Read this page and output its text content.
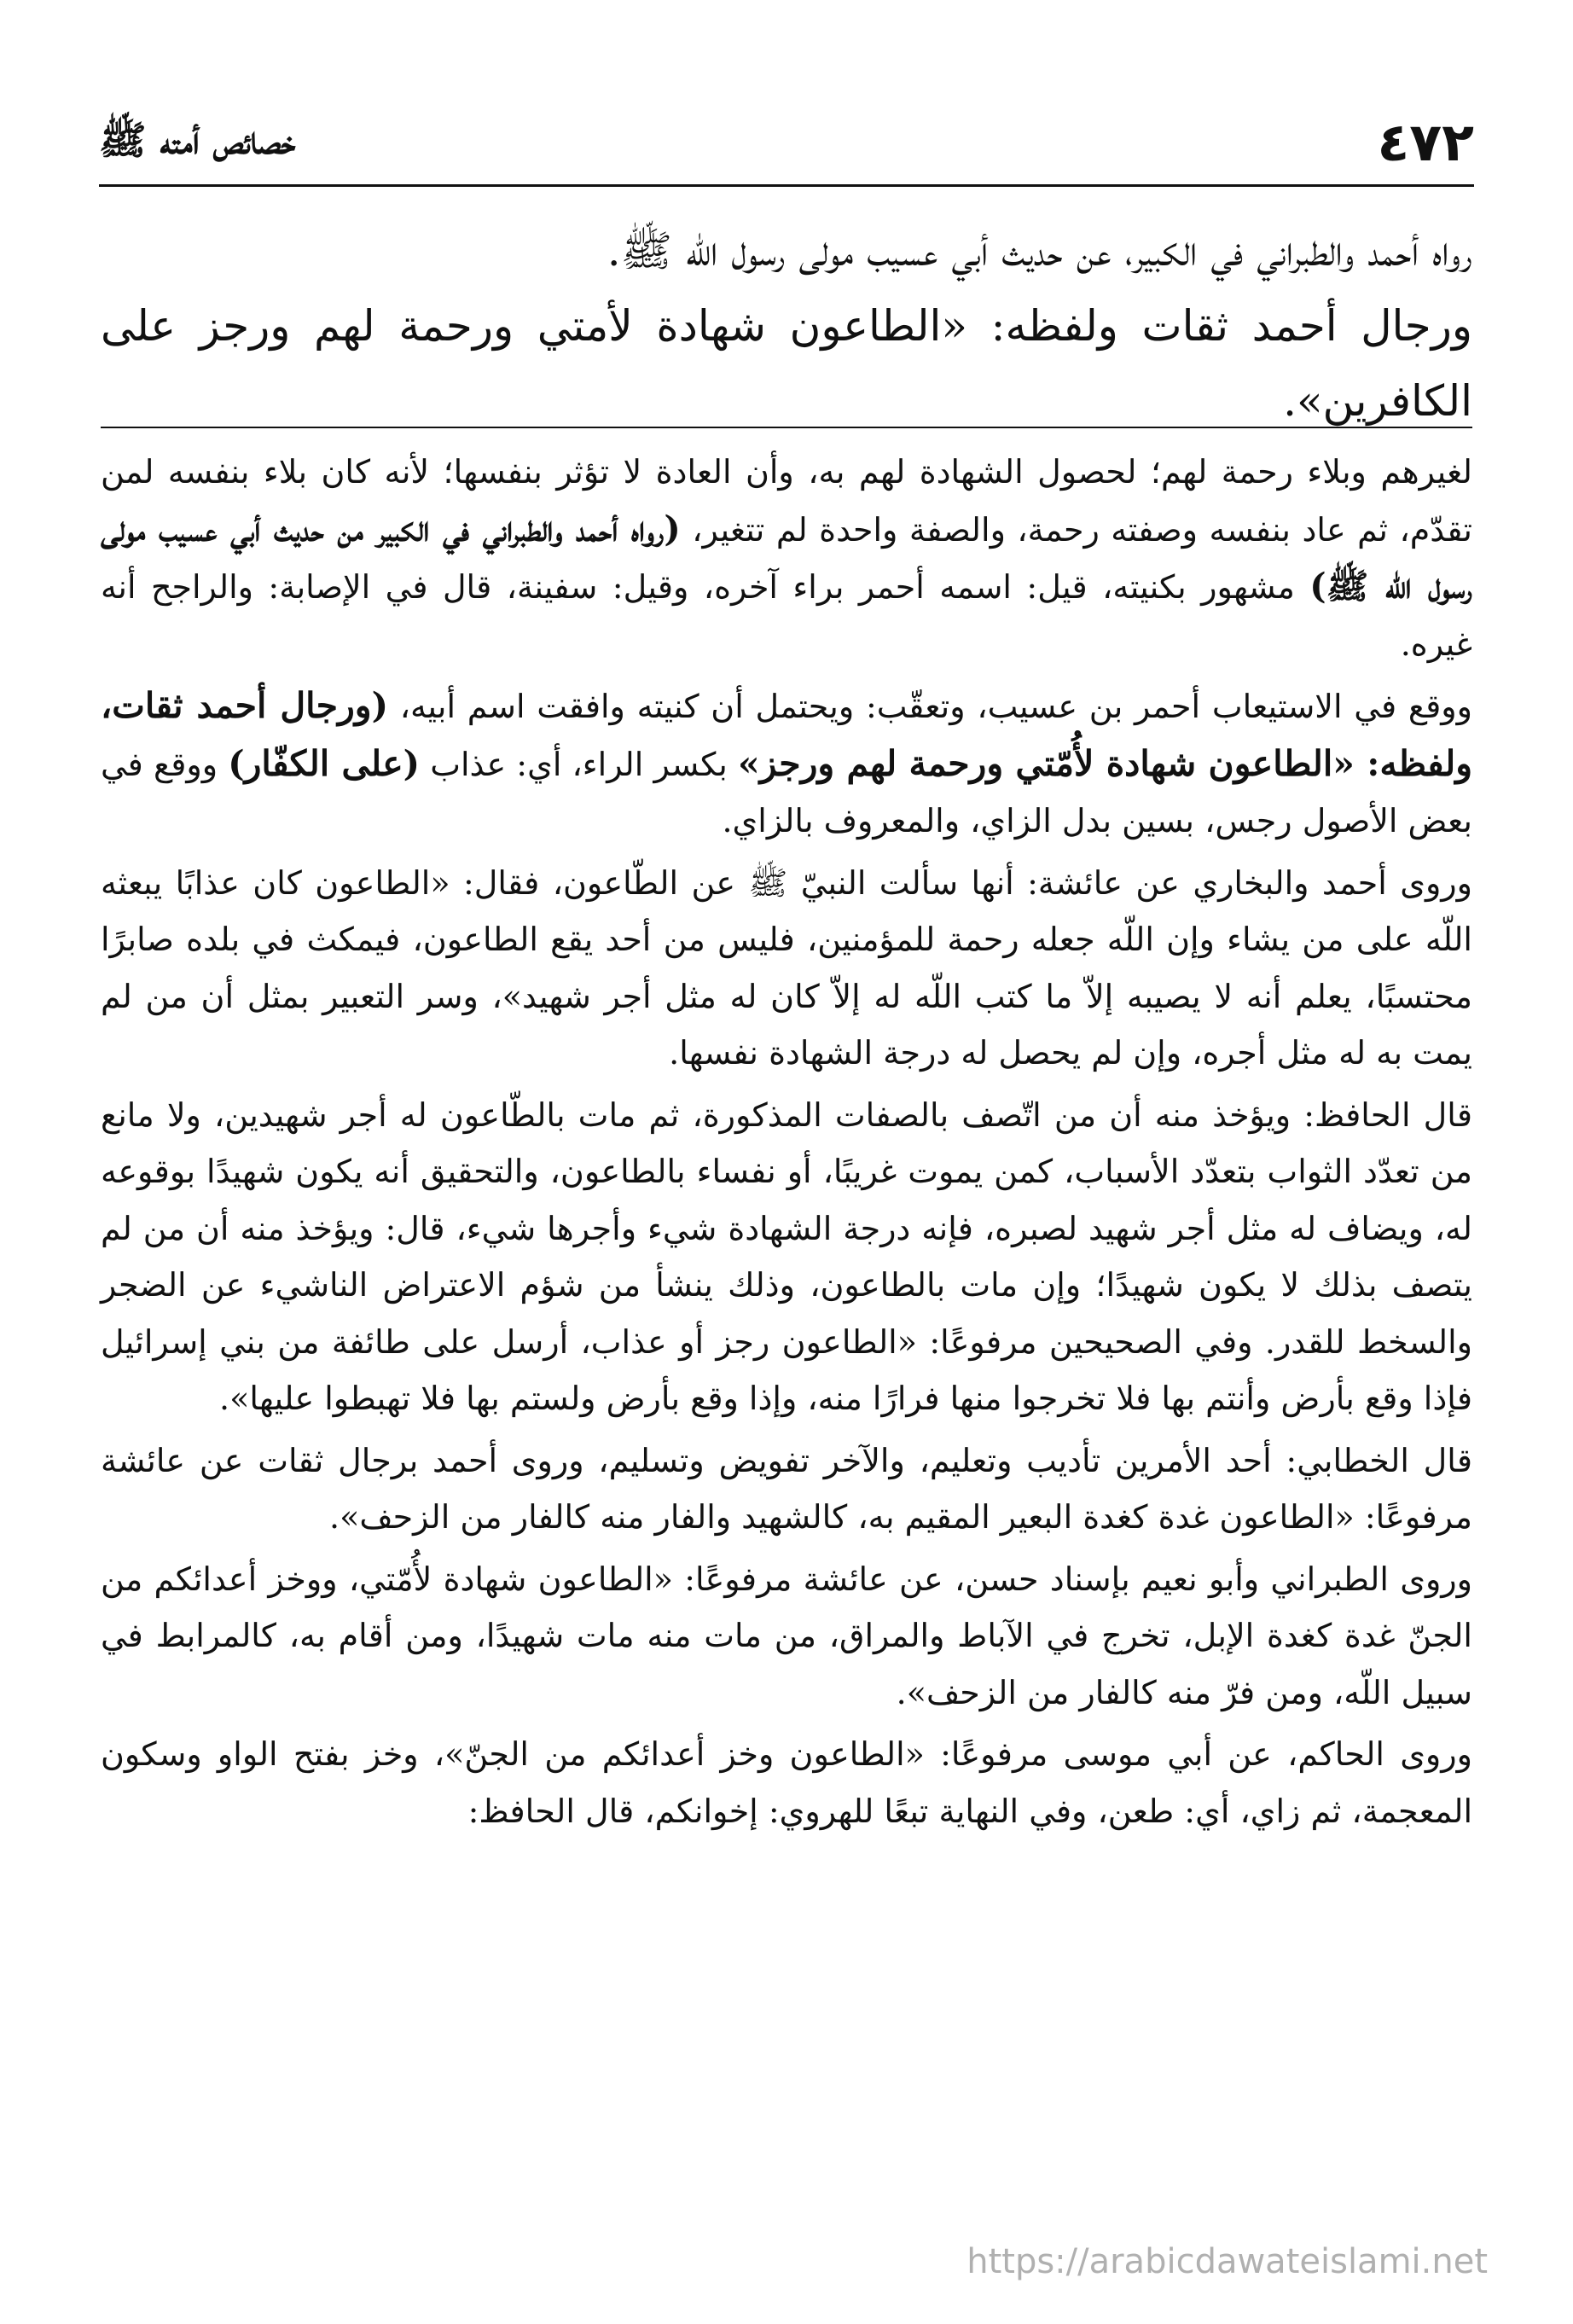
٤٧٢
خصائص أمته ﷺ

رواه أحمد والطبراني في الكبير، عن حديث أبي عسيب مولى رسول الله ﷺ.

ورجال أحمد ثقات ولفظه: «الطاعون شهادة لأمتي ورحمة لهم ورجز على الكافرين».

لغيرهم وبلاء رحمة لهم؛ لحصول الشهادة لهم به، وأن العادة لا تؤثر بنفسها؛ لأنه كان بلاء بنفسه لمن تقدّم، ثم عاد بنفسه وصفته رحمة، والصفة واحدة لم تتغير، (رواه أحمد والطبراني في الكبير من حديث أبي عسيب مولى رسول الله ﷺ) مشهور بكنيته، قيل: اسمه أحمر براء آخره، وقيل: سفينة، قال في الإصابة: والراجح أنه غيره.

ووقع في الاستيعاب أحمر بن عسيب، وتعقّب: ويحتمل أن كنيته وافقت اسم أبيه، (ورجال أحمد ثقات، ولفظه: «الطاعون شهادة لأُمّتي ورحمة لهم ورجز» بكسر الراء، أي: عذاب (على الكفّار) ووقع في بعض الأصول رجس، بسين بدل الزاي، والمعروف بالزاي.

وروى أحمد والبخاري عن عائشة: أنها سألت النبيّ ﷺ عن الطّاعون، فقال: «الطاعون كان عذابًا يبعثه اللّه على من يشاء وإن اللّه جعله رحمة للمؤمنين، فليس من أحد يقع الطاعون، فيمكث في بلده صابرًا محتسبًا، يعلم أنه لا يصيبه إلاّ ما كتب اللّه له إلاّ كان له مثل أجر شهيد»، وسر التعبير بمثل أن من لم يمت به له مثل أجره، وإن لم يحصل له درجة الشهادة نفسها.

قال الحافظ: ويؤخذ منه أن من اتّصف بالصفات المذكورة، ثم مات بالطّاعون له أجر شهيدين، ولا مانع من تعدّد الثواب بتعدّد الأسباب، كمن يموت غريبًا، أو نفساء بالطاعون، والتحقيق أنه يكون شهيدًا بوقوعه له، ويضاف له مثل أجر شهيد لصبره، فإنه درجة الشهادة شيء وأجرها شيء، قال: ويؤخذ منه أن من لم يتصف بذلك لا يكون شهيدًا؛ وإن مات بالطاعون، وذلك ينشأ من شؤم الاعتراض الناشيء عن الضجر والسخط للقدر. وفي الصحيحين مرفوعًا: «الطاعون رجز أو عذاب، أرسل على طائفة من بني إسرائيل فإذا وقع بأرض وأنتم بها فلا تخرجوا منها فرارًا منه، وإذا وقع بأرض ولستم بها فلا تهبطوا عليها».

قال الخطابي: أحد الأمرين تأديب وتعليم، والآخر تفويض وتسليم، وروى أحمد برجال ثقات عن عائشة مرفوعًا: «الطاعون غدة كغدة البعير المقيم به، كالشهيد والفار منه كالفار من الزحف».

وروى الطبراني وأبو نعيم بإسناد حسن، عن عائشة مرفوعًا: «الطاعون شهادة لأُمّتي، ووخز أعدائكم من الجنّ غدة كغدة الإبل، تخرج في الآباط والمراق، من مات منه مات شهيدًا، ومن أقام به، كالمرابط في سبيل اللّه، ومن فرّ منه كالفار من الزحف».

وروى الحاكم، عن أبي موسى مرفوعًا: «الطاعون وخز أعدائكم من الجنّ»، وخز بفتح الواو وسكون المعجمة، ثم زاي، أي: طعن، وفي النهاية تبعًا للهروي: إخوانكم، قال الحافظ:

https://arabicdawateislami.net
